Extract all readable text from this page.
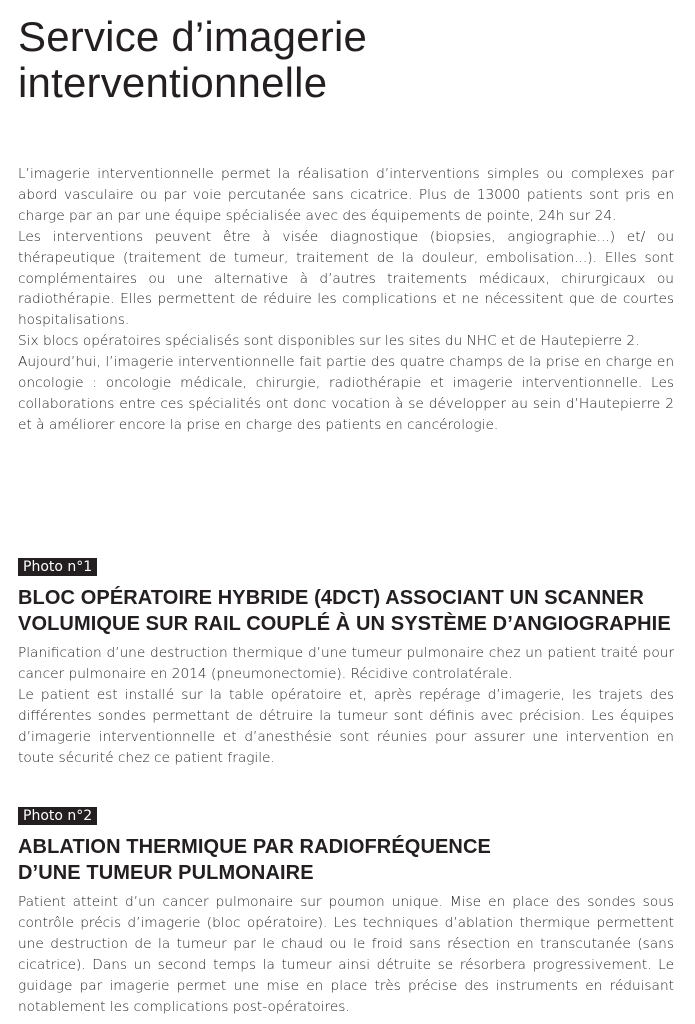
Service d’imagerie
interventionnelle

L’imagerie interventionnelle permet la réalisation d’interventions simples ou complexes par abord vasculaire ou par voie percutanée sans cicatrice. Plus de 13000 patients sont pris en charge par an par une équipe spécialisée avec des équipements de pointe, 24h sur 24.

Les interventions peuvent être à visée diagnostique (biopsies, angiographie...) et/ ou thérapeutique (traitement de tumeur, traitement de la douleur, embolisation...). Elles sont complémentaires ou une alternative à d’autres traitements médicaux, chirurgicaux ou radiothérapie. Elles permettent de réduire les complications et ne nécessitent que de courtes hospitalisations.

Six blocs opératoires spécialisés sont disponibles sur les sites du NHC et de Hautepierre 2.

Aujourd’hui, l’imagerie interventionnelle fait partie des quatre champs de la prise en charge en oncologie : oncologie médicale, chirurgie, radiothérapie et imagerie interventionnelle. Les collaborations entre ces spécialités ont donc vocation à se développer au sein d’Hautepierre 2 et à améliorer encore la prise en charge des patients en cancérologie.

Photo n°1
BLOC OPÉRATOIRE HYBRIDE (4DCT) ASSOCIANT UN SCANNER
VOLUMIQUE SUR RAIL COUPLÉ À UN SYSTÈME D’ANGIOGRAPHIE

Planification d’une destruction thermique d’une tumeur pulmonaire chez un patient traité pour cancer pulmonaire en 2014 (pneumonectomie). Récidive controlatérale.

Le patient est installé sur la table opératoire et, après repérage d’imagerie, les trajets des différentes sondes permettant de détruire la tumeur sont définis avec précision. Les équipes d’imagerie interventionnelle et d’anesthésie sont réunies pour assurer une intervention en toute sécurité chez ce patient fragile.

Photo n°2
ABLATION THERMIQUE PAR RADIOFRÉQUENCE
D’UNE TUMEUR PULMONAIRE

Patient atteint d’un cancer pulmonaire sur poumon unique. Mise en place des sondes sous contrôle précis d’imagerie (bloc opératoire). Les techniques d’ablation thermique permettent une destruction de la tumeur par le chaud ou le froid sans résection en transcutanée (sans cicatrice). Dans un second temps la tumeur ainsi détruite se résorbera progressivement. Le guidage par imagerie permet une mise en place très précise des instruments en réduisant notablement les complications post-opératoires.
